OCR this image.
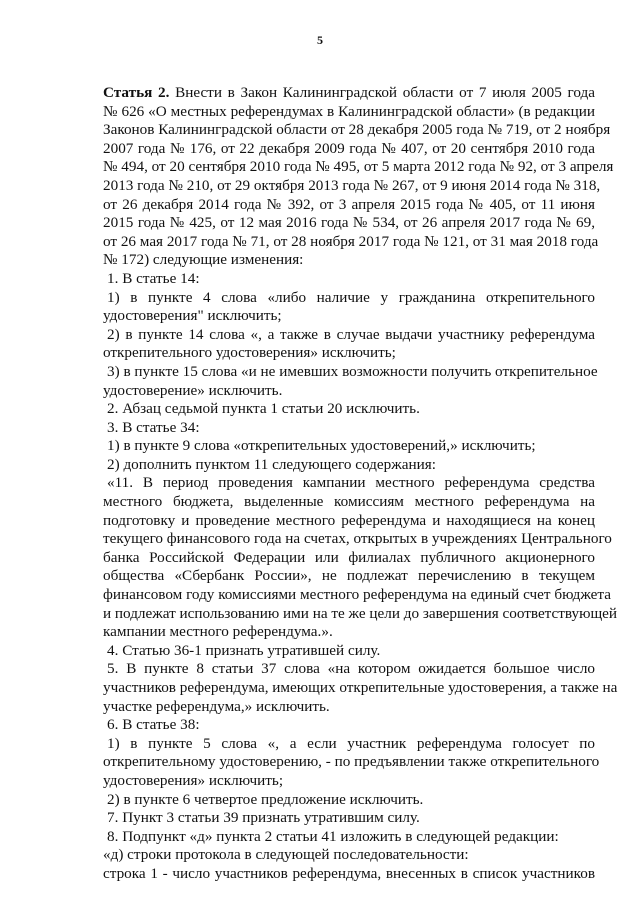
5
Статья 2. Внести в Закон Калининградской области от 7 июля 2005 года
№ 626 «О местных референдумах в Калининградской области» (в редакции
Законов Калининградской области от 28 декабря 2005 года № 719, от 2 ноября
2007 года № 176, от 22 декабря 2009 года № 407, от 20 сентября 2010 года
№ 494, от 20 сентября 2010 года № 495, от 5 марта 2012 года № 92, от 3 апреля
2013 года № 210, от 29 октября 2013 года № 267, от 9 июня 2014 года № 318,
от 26 декабря 2014 года № 392, от 3 апреля 2015 года № 405, от 11 июня
2015 года № 425, от 12 мая 2016 года № 534, от 26 апреля 2017 года № 69,
от 26 мая 2017 года № 71, от 28 ноября 2017 года № 121, от 31 мая 2018 года
№ 172) следующие изменения:
1. В статье 14:
1) в пункте 4 слова «либо наличие у гражданина открепительного
удостоверения" исключить;
2) в пункте 14 слова «, а также в случае выдачи участнику референдума
открепительного удостоверения» исключить;
3) в пункте 15 слова «и не имевших возможности получить открепительное
удостоверение» исключить.
2. Абзац седьмой пункта 1 статьи 20 исключить.
3. В статье 34:
1) в пункте 9 слова «открепительных удостоверений,» исключить;
2) дополнить пунктом 11 следующего содержания:
«11. В период проведения кампании местного референдума средства
местного бюджета, выделенные комиссиям местного референдума на
подготовку и проведение местного референдума и находящиеся на конец
текущего финансового года на счетах, открытых в учреждениях Центрального
банка Российской Федерации или филиалах публичного акционерного
общества «Сбербанк России», не подлежат перечислению в текущем
финансовом году комиссиями местного референдума на единый счет бюджета
и подлежат использованию ими на те же цели до завершения соответствующей
кампании местного референдума.».
4. Статью 36-1 признать утратившей силу.
5. В пункте 8 статьи 37 слова «на котором ожидается большое число
участников референдума, имеющих открепительные удостоверения, а также на
участке референдума,» исключить.
6. В статье 38:
1) в пункте 5 слова «, а если участник референдума голосует по
открепительному удостоверению, - по предъявлении также открепительного
удостоверения» исключить;
2) в пункте 6 четвертое предложение исключить.
7. Пункт 3 статьи 39 признать утратившим силу.
8. Подпункт «д» пункта 2 статьи 41 изложить в следующей редакции:
«д) строки протокола в следующей последовательности:
строка 1 - число участников референдума, внесенных в список участников
